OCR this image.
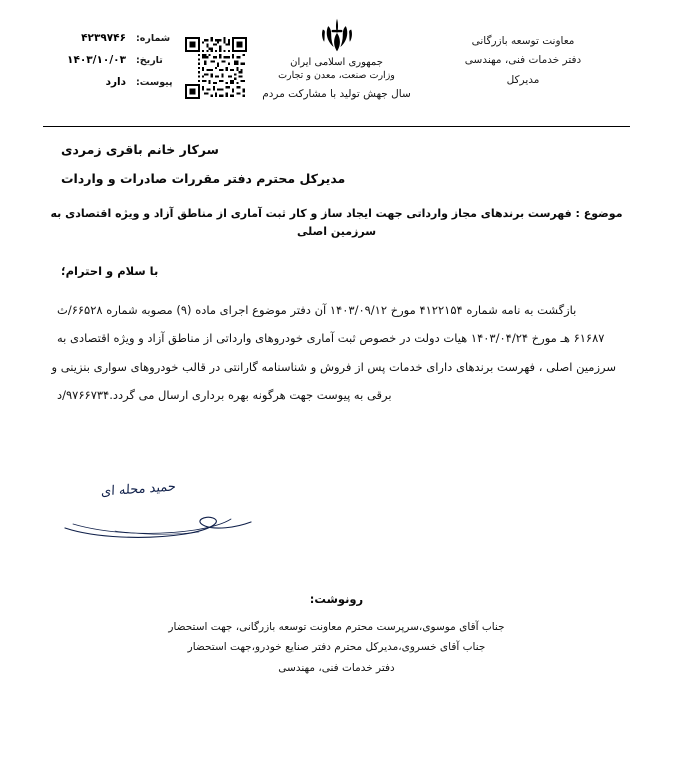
معاونت توسعه بازرگانی
دفتر خدمات فنی، مهندسی
مدیرکل
جمهوری اسلامی ایران
وزارت صنعت، معدن و تجارت
سال جهش تولید با مشارکت مردم
شماره:
۴۲۳۹۷۴۶
تاریخ:
۱۴۰۳/۱۰/۰۳
پیوست:
دارد
سرکار خانم باقری زمردی
مدیرکل محترم دفتر مقررات صادرات و واردات
موضوع : فهرست برندهای مجاز وارداتی جهت ایجاد ساز و کار ثبت آماری از مناطق آزاد و ویژه اقتصادی به سرزمین اصلی
با سلام و احترام؛
بازگشت به نامه شماره ۴۱۲۲۱۵۴ مورخ ۱۴۰۳/۰۹/۱۲ آن دفتر موضوع اجرای ماده (۹) مصوبه شماره ۶۶۵۲۸/ث
۶۱۶۸۷ هـ مورخ ۱۴۰۳/۰۴/۲۴ هیات دولت در خصوص ثبت آماری خودروهای وارداتی از مناطق آزاد و ویژه اقتصادی به
سرزمین اصلی ، فهرست برندهای دارای خدمات پس از فروش و شناسنامه گارانتی در قالب خودروهای سواری بنزینی و
برقی به پیوست جهت هرگونه بهره برداری ارسال می گردد.۹۷۶۶۷۳۴/د
حمید محله ای
رونوشت:
جناب آقای موسوی،سرپرست محترم معاونت توسعه بازرگانی، جهت استحضار
جناب آقای خسروی،مدیرکل محترم دفتر صنایع خودرو،جهت استحضار
دفتر خدمات فنی، مهندسی
